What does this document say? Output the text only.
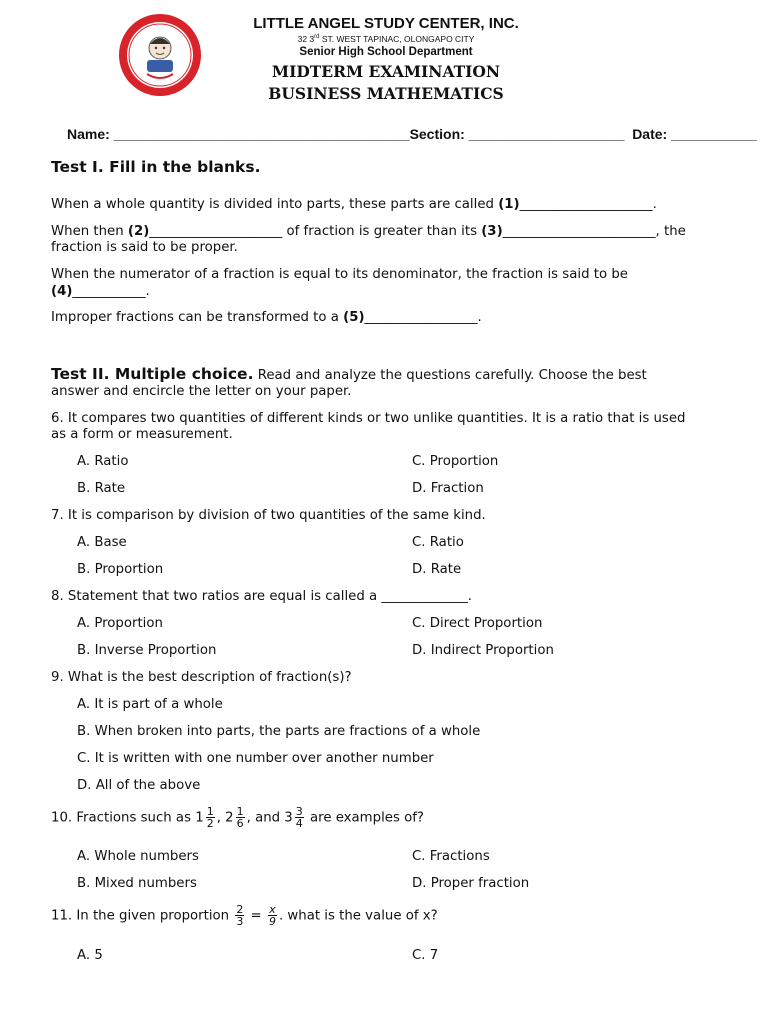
LITTLE ANGEL STUDY CENTER, INC.
32 3rd ST. WEST TAPINAC, OLONGAPO CITY
Senior High School Department
MIDTERM EXAMINATION
BUSINESS MATHEMATICS
Name: ______________________________________Section: ____________________ Date: ___________
Test I. Fill in the blanks.
When a whole quantity is divided into parts, these parts are called (1)____________________.
When then (2)____________________ of fraction is greater than its (3)_______________________, the
fraction is said to be proper.
When the numerator of a fraction is equal to its denominator, the fraction is said to be
(4)___________.
Improper fractions can be transformed to a (5)_________________.
Test II. Multiple choice. Read and analyze the questions carefully. Choose the best
answer and encircle the letter on your paper.
6. It compares two quantities of different kinds or two unlike quantities. It is a ratio that is used
as a form or measurement.
A. Ratio	C. Proportion
B. Rate	D. Fraction
7. It is comparison by division of two quantities of the same kind.
A. Base	C. Ratio
B. Proportion	D. Rate
8. Statement that two ratios are equal is called a _____________.
A. Proportion	C. Direct Proportion
B. Inverse Proportion	D. Indirect Proportion
9. What is the best description of fraction(s)?
A. It is part of a whole
B. When broken into parts, the parts are fractions of a whole
C. It is written with one number over another number
D. All of the above
10. Fractions such as $1 \frac{1}{2}$ , $2 \frac{1}{6}$ , and $3 \frac{3}{4}$ are examples of?
A. Whole numbers	C. Fractions
B. Mixed numbers	D. Proper fraction
11. In the given proportion $\frac{2}{3} = \frac{x}{9}$ . what is the value of x?
A. 5	C. 7
